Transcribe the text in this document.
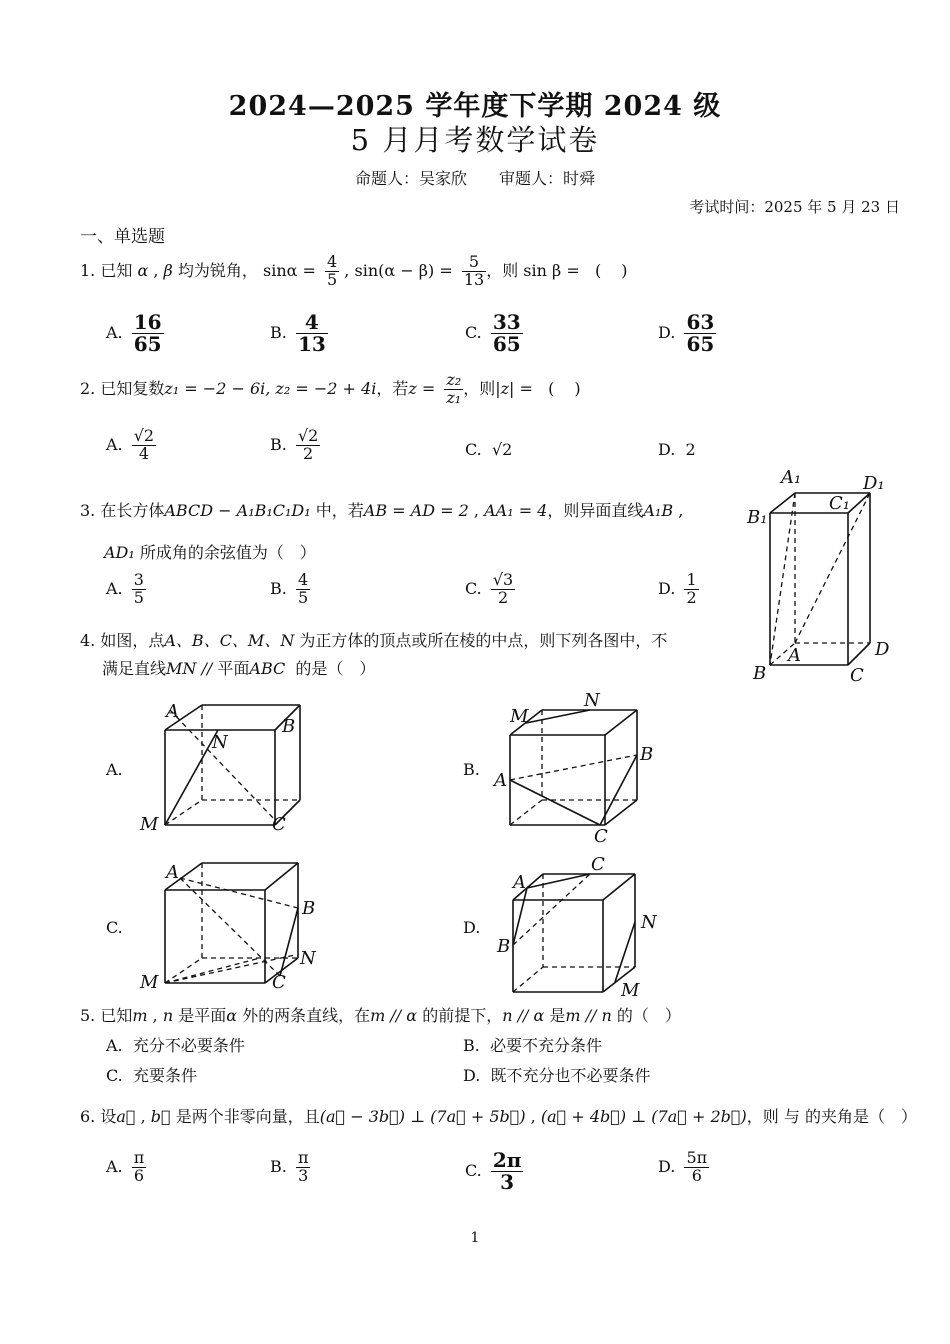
2024—2025 学年度下学期 2024 级
5 月月考数学试卷
命题人：吴家欣　　审题人：时舜
考试时间：2025 年 5 月 23 日
一、单选题
1. 已知 α , β 均为锐角， $\sin\alpha = \frac{4}{5}$ , $\sin(\alpha - \beta) = \frac{5}{13}$ ，则 sin β = (　)
A. $\frac{16}{65}$	B. $\frac{4}{13}$	C. $\frac{33}{65}$	D. $\frac{63}{65}$
2. 已知复数z₁ = −2 − 6i, z₂ = −2 + 4i，若$z = \frac{\text{z₂}}{\text{z₁}}$ ，则|z| = (　)
A. $\frac{√2}{4}$	B. $\frac{√2}{2}$	C. √2	D. 2
3. 在长方体ABCD − A₁B₁C₁D₁ 中，若AB = AD = 2 , AA₁ = 4，则异面直线A₁B ,
AD₁ 所成角的余弦值为（　）
A. $\frac{3}{5}$	B. $\frac{4}{5}$	C. $\frac{√3}{2}$	D. $\frac{1}{2}$
A₁	D₁
B₁
C₁
A
B	C
D
4. 如图，点A、B、C、M、N 为正方体的顶点或所在棱的中点，则下列各图中，不
满足直线MN // 平面ABC 的是（　）
A.	B.
C.	D.
A
B
N
M	C
M
N
B
A
C
A
B
N
M	C
A
C
B
N
M
5. 已知m , n 是平面α 外的两条直线，在m // α 的前提下，n // α 是m // n 的（　）
A. 充分不必要条件	B. 必要不充分条件
C. 充要条件	D. 既不充分也不必要条件
6. 设a⃗ , b⃗ 是两个非零向量，且(a⃗ − 3b⃗) ⊥ (7a⃗ + 5b⃗) , (a⃗ + 4b⃗) ⊥ (7a⃗ + 2b⃗)，则 与 的夹角是（　）
A. $\frac{\pi}{6}$	B. $\frac{\pi}{3}$	C. $\frac{2\pi}{3}$	D. $\frac{5\pi}{6}$
1
